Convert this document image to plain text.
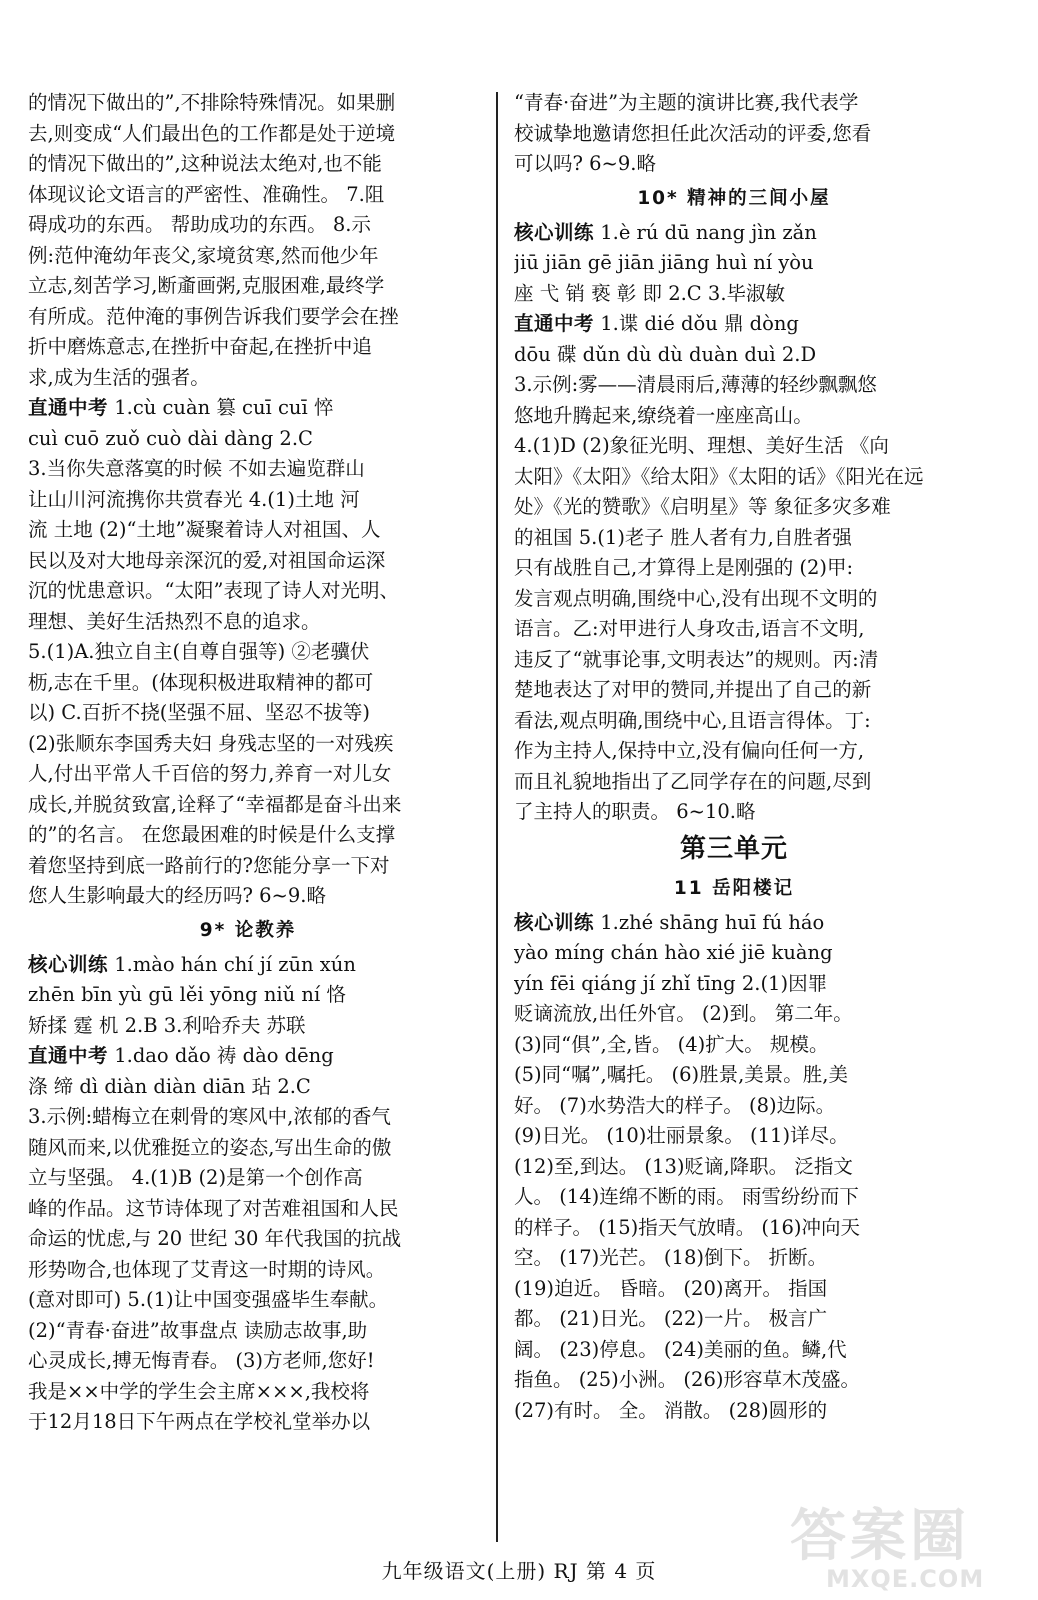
的情况下做出的”,不排除特殊情况。如果删
去,则变成“人们最出色的工作都是处于逆境
的情况下做出的”,这种说法太绝对,也不能
体现议论文语言的严密性、准确性。 7.阻
碍成功的东西。 帮助成功的东西。 8.示
例:范仲淹幼年丧父,家境贫寒,然而他少年
立志,刻苦学习,断齑画粥,克服困难,最终学
有所成。范仲淹的事例告诉我们要学会在挫
折中磨炼意志,在挫折中奋起,在挫折中追
求,成为生活的强者。
直通中考 1.cù cuàn 篡 cuī cuī 悴
cuì cuō zuǒ cuò dài dàng 2.C
3.当你失意落寞的时候 不如去遍览群山
让山川河流携你共赏春光 4.(1)土地 河
流 土地 (2)“土地”凝聚着诗人对祖国、人
民以及对大地母亲深沉的爱,对祖国命运深
沉的忧患意识。“太阳”表现了诗人对光明、
理想、美好生活热烈不息的追求。
5.(1)A.独立自主(自尊自强等) ②老骥伏
枥,志在千里。(体现积极进取精神的都可
以) C.百折不挠(坚强不屈、坚忍不拔等)
(2)张顺东李国秀夫妇 身残志坚的一对残疾
人,付出平常人千百倍的努力,养育一对儿女
成长,并脱贫致富,诠释了“幸福都是奋斗出来
的”的名言。 在您最困难的时候是什么支撑
着您坚持到底一路前行的?您能分享一下对
您人生影响最大的经历吗? 6~9.略
9* 论教养
核心训练 1.mào hán chí jí zūn xún
zhēn bīn yù gū lěi yōng niǔ ní 恪
矫揉 霆 机 2.B 3.利哈乔夫 苏联
直通中考 1.dao dǎo 祷 dào dēng
涤 缔 dì diàn diàn diān 玷 2.C
3.示例:蜡梅立在刺骨的寒风中,浓郁的香气
随风而来,以优雅挺立的姿态,写出生命的傲
立与坚强。 4.(1)B (2)是第一个创作高
峰的作品。这节诗体现了对苦难祖国和人民
命运的忧虑,与 20 世纪 30 年代我国的抗战
形势吻合,也体现了艾青这一时期的诗风。
(意对即可) 5.(1)让中国变强盛毕生奉献。
(2)“青春·奋进”故事盘点 读励志故事,助
心灵成长,搏无悔青春。 (3)方老师,您好!
我是××中学的学生会主席×××,我校将
于12月18日下午两点在学校礼堂举办以
“青春·奋进”为主题的演讲比赛,我代表学
校诚挚地邀请您担任此次活动的评委,您看
可以吗? 6~9.略
10* 精神的三间小屋
核心训练 1.è rú dū nang jìn zǎn
jiū jiān gē jiān jiāng huì ní yòu
座 弋 销 亵 彰 即 2.C 3.毕淑敏
直通中考 1.谍 dié dǒu 鼎 dòng
dōu 碟 dǔn dù dù duàn duì 2.D
3.示例:雾——清晨雨后,薄薄的轻纱飘飘悠
悠地升腾起来,缭绕着一座座高山。
4.(1)D (2)象征光明、理想、美好生活 《向
太阳》《太阳》《给太阳》《太阳的话》《阳光在远
处》《光的赞歌》《启明星》等 象征多灾多难
的祖国 5.(1)老子 胜人者有力,自胜者强
只有战胜自己,才算得上是刚强的 (2)甲:
发言观点明确,围绕中心,没有出现不文明的
语言。乙:对甲进行人身攻击,语言不文明,
违反了“就事论事,文明表达”的规则。丙:清
楚地表达了对甲的赞同,并提出了自己的新
看法,观点明确,围绕中心,且语言得体。丁:
作为主持人,保持中立,没有偏向任何一方,
而且礼貌地指出了乙同学存在的问题,尽到
了主持人的职责。 6~10.略
第三单元
11 岳阳楼记
核心训练 1.zhé shāng huī fú háo
yào míng chán hào xié jiē kuàng
yín fēi qiáng jí zhǐ tīng 2.(1)因罪
贬谪流放,出任外官。 (2)到。 第二年。
(3)同“俱”,全,皆。 (4)扩大。 规模。
(5)同“嘱”,嘱托。 (6)胜景,美景。胜,美
好。 (7)水势浩大的样子。 (8)边际。
(9)日光。 (10)壮丽景象。 (11)详尽。
(12)至,到达。 (13)贬谪,降职。 泛指文
人。 (14)连绵不断的雨。 雨雪纷纷而下
的样子。 (15)指天气放晴。 (16)冲向天
空。 (17)光芒。 (18)倒下。 折断。
(19)迫近。 昏暗。 (20)离开。 指国
都。 (21)日光。 (22)一片。 极言广
阔。 (23)停息。 (24)美丽的鱼。鳞,代
指鱼。 (25)小洲。 (26)形容草木茂盛。
(27)有时。 全。 消散。 (28)圆形的
九年级语文(上册) RJ 第 4 页
答案圈
MXQE.COM
